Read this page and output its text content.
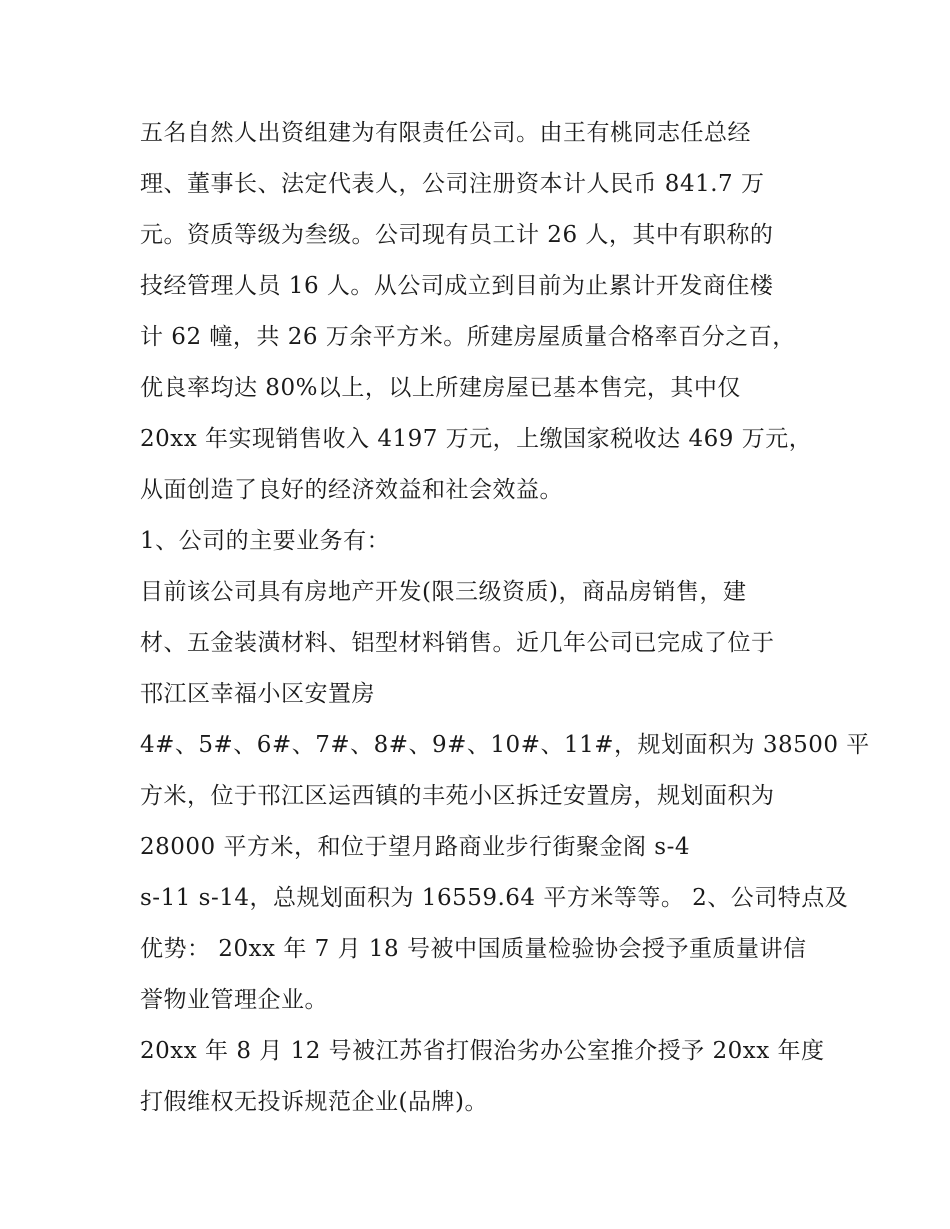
五名自然人出资组建为有限责任公司。由王有桃同志任总经
理、董事长、法定代表人，公司注册资本计人民币 841.7 万
元。资质等级为叁级。公司现有员工计 26 人，其中有职称的
技经管理人员 16 人。从公司成立到目前为止累计开发商住楼
计 62 幢，共 26 万余平方米。所建房屋质量合格率百分之百，
优良率均达 80%以上，以上所建房屋已基本售完，其中仅
20xx 年实现销售收入 4197 万元，上缴国家税收达 469 万元，
从面创造了良好的经济效益和社会效益。
1、公司的主要业务有：
目前该公司具有房地产开发(限三级资质)，商品房销售，建
材、五金装潢材料、铝型材料销售。近几年公司已完成了位于
邗江区幸福小区安置房
4#、5#、6#、7#、8#、9#、10#、11#，规划面积为 38500 平
方米，位于邗江区运西镇的丰苑小区拆迁安置房，规划面积为
28000 平方米，和位于望月路商业步行街聚金阁 s-4
s-11 s-14，总规划面积为 16559.64 平方米等等。 2、公司特点及
优势： 20xx 年 7 月 18 号被中国质量检验协会授予重质量讲信
誉物业管理企业。
20xx 年 8 月 12 号被江苏省打假治劣办公室推介授予 20xx 年度
打假维权无投诉规范企业(品牌)。
